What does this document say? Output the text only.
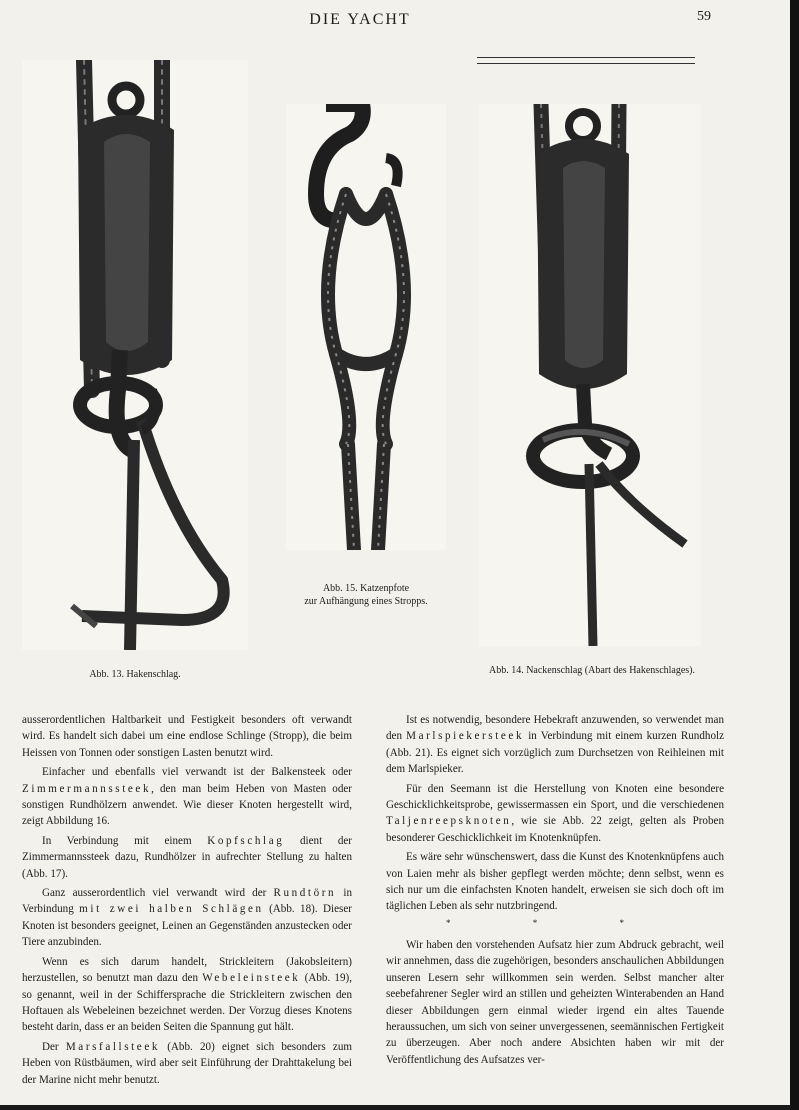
DIE YACHT	59
Abb. 13. Hakenschlag.
Abb. 15. Katzenpfote
zur Aufhängung eines Stropps.
Abb. 14. Nackenschlag (Abart des Hakenschlages).

ausserordentlichen Haltbarkeit und Festigkeit besonders oft verwandt wird. Es handelt sich dabei um eine endlose Schlinge (Stropp), die beim Heissen von Tonnen oder sonstigen Lasten benutzt wird.

Einfacher und ebenfalls viel verwandt ist der Balkensteek oder Zimmermannssteek, den man beim Heben von Masten oder sonstigen Rundhölzern anwendet. Wie dieser Knoten hergestellt wird, zeigt Abbildung 16.

In Verbindung mit einem Kopfschlag dient der Zimmermannssteek dazu, Rundhölzer in aufrechter Stellung zu halten (Abb. 17).

Ganz ausserordentlich viel verwandt wird der Rundtörn in Verbindung mit zwei halben Schlägen (Abb. 18). Dieser Knoten ist besonders geeignet, Leinen an Gegenständen anzustecken oder Tiere anzubinden.

Wenn es sich darum handelt, Strickleitern (Jakobsleitern) herzustellen, so benutzt man dazu den Webeleinsteek (Abb. 19), so genannt, weil in der Schiffersprache die Strickleitern zwischen den Hoftauen als Webeleinen bezeichnet werden. Der Vorzug dieses Knotens besteht darin, dass er an beiden Seiten die Spannung gut hält.

Der Marsfallsteek (Abb. 20) eignet sich besonders zum Heben von Rüstbäumen, wird aber seit Einführung der Drahttakelung bei der Marine nicht mehr benutzt.

Ist es notwendig, besondere Hebekraft anzuwenden, so verwendet man den Marlspiekersteek in Verbindung mit einem kurzen Rundholz (Abb. 21). Es eignet sich vorzüglich zum Durchsetzen von Reihleinen mit dem Marlspieker.

Für den Seemann ist die Herstellung von Knoten eine besondere Geschicklichkeitsprobe, gewissermassen ein Sport, und die verschiedenen Taljenreepsknoten, wie sie Abb. 22 zeigt, gelten als Proben besonderer Geschicklichkeit im Knotenknüpfen.

Es wäre sehr wünschenswert, dass die Kunst des Knotenknüpfens auch von Laien mehr als bisher gepflegt werden möchte; denn selbst, wenn es sich nur um die einfachsten Knoten handelt, erweisen sie sich doch oft im täglichen Leben als sehr nutzbringend.

* * *

Wir haben den vorstehenden Aufsatz hier zum Abdruck gebracht, weil wir annehmen, dass die zugehörigen, besonders anschaulichen Abbildungen unseren Lesern sehr willkommen sein werden. Selbst mancher alter seebefahrener Segler wird an stillen und geheizten Winterabenden an Hand dieser Abbildungen gern einmal wieder irgend ein altes Tauende heraussuchen, um sich von seiner unvergessenen, seemännischen Fertigkeit zu überzeugen. Aber noch andere Absichten haben wir mit der Veröffentlichung des Aufsatzes ver-
